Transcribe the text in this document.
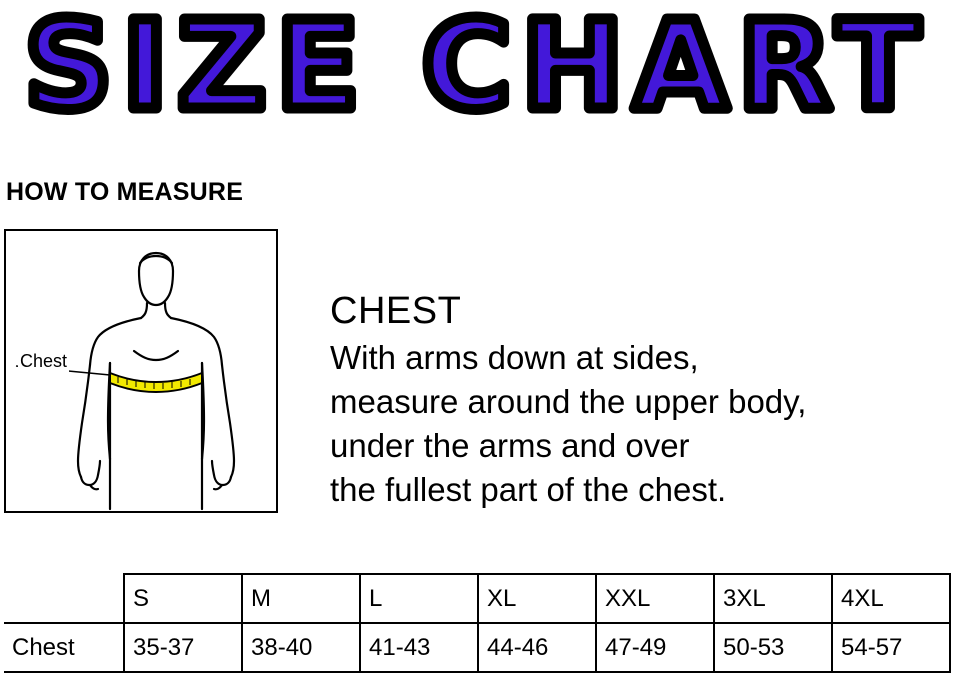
SIZE CHART
HOW TO MEASURE
Chest
CHEST
With arms down at sides,
measure around the upper body,
under the arms and over
the fullest part of the chest.
	S	M	L	XL	XXL	3XL	4XL
Chest	35-37	38-40	41-43	44-46	47-49	50-53	54-57
